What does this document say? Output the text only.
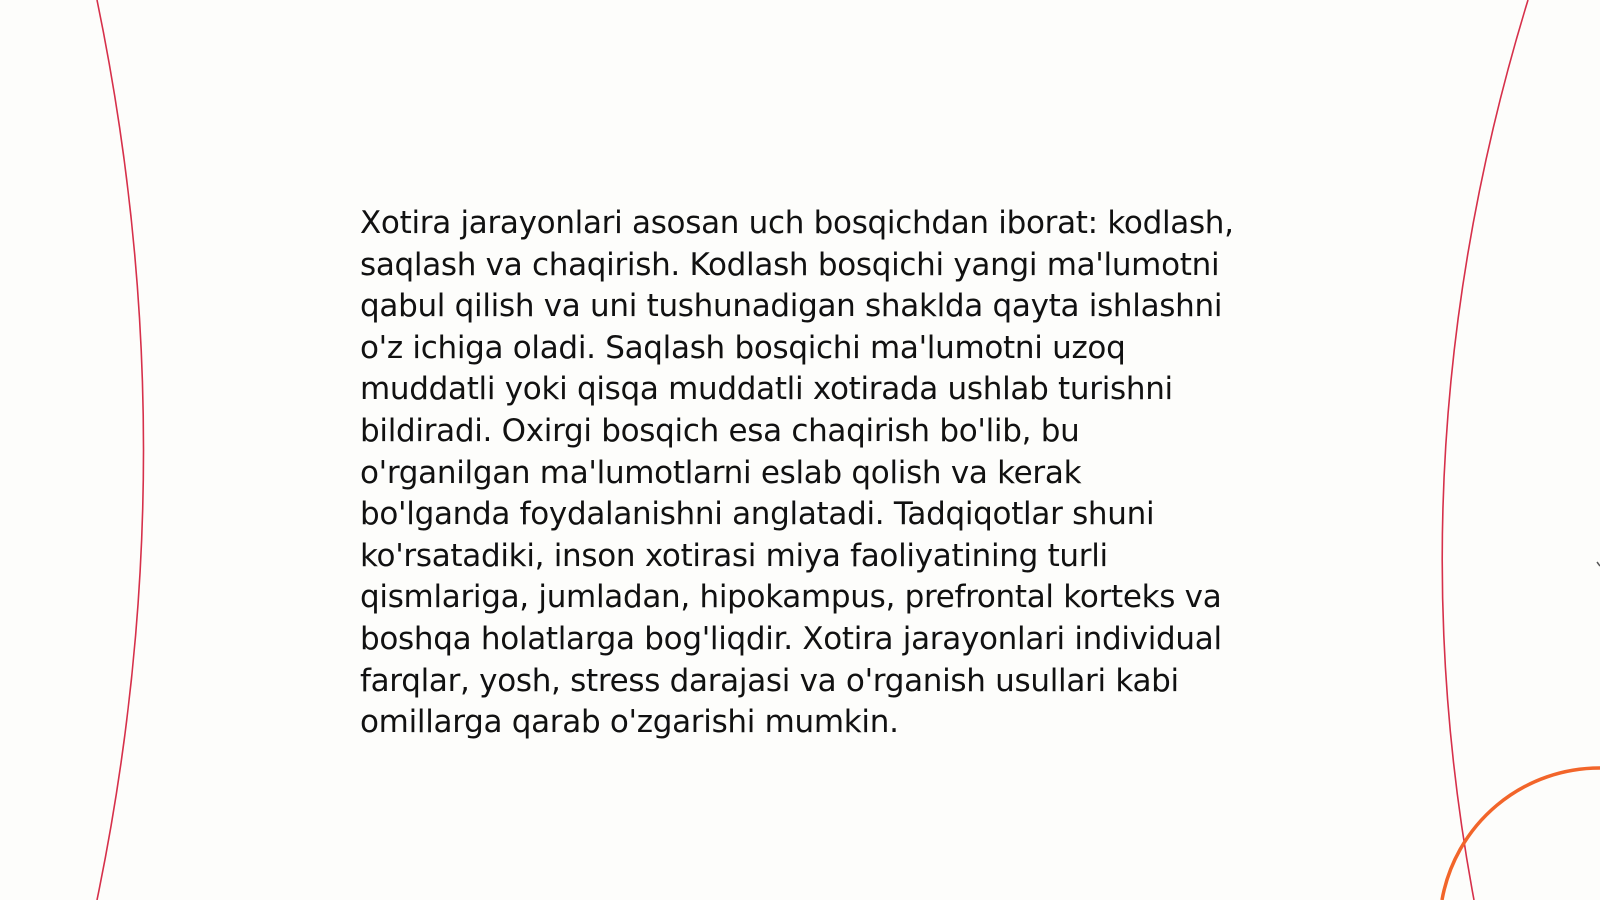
Xotira jarayonlari asosan uch bosqichdan iborat: kodlash, saqlash va chaqirish. Kodlash bosqichi yangi ma'lumotni qabul qilish va uni tushunadigan shaklda qayta ishlashni o'z ichiga oladi. Saqlash bosqichi ma'lumotni uzoq muddatli yoki qisqa muddatli xotirada ushlab turishni bildiradi. Oxirgi bosqich esa chaqirish bo'lib, bu o'rganilgan ma'lumotlarni eslab qolish va kerak bo'lganda foydalanishni anglatadi. Tadqiqotlar shuni ko'rsatadiki, inson xotirasi miya faoliyatining turli qismlariga, jumladan, hipokampus, prefrontal korteks va boshqa holatlarga bog'liqdir. Xotira jarayonlari individual farqlar, yosh, stress darajasi va o'rganish usullari kabi omillarga qarab o'zgarishi mumkin.
